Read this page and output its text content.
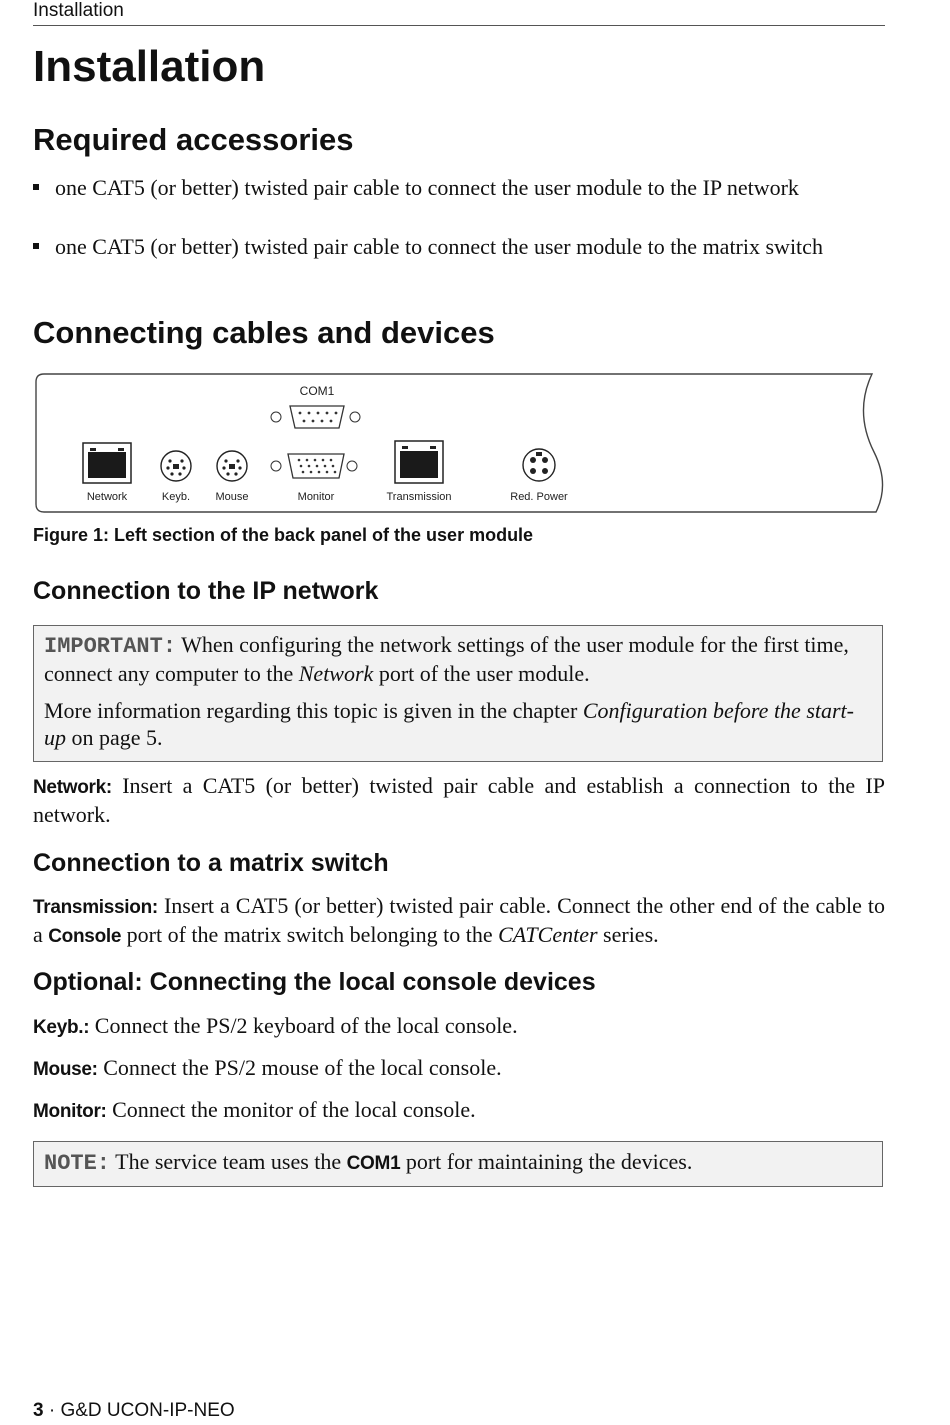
Installation
Installation
Required accessories
one CAT5 (or better) twisted pair cable to connect the user module to the IP network
one CAT5 (or better) twisted pair cable to connect the user module to the matrix switch
Connecting cables and devices
COM1
Network	Keyb. Mouse	Monitor	Transmission	Red. Power
Figure 1: Left section of the back panel of the user module
Connection to the IP network
IMPORTANT: When configuring the network settings of the user module for the first time, connect any computer to the Network port of the user module.
More information regarding this topic is given in the chapter Configuration before the start-up on page 5.
Network: Insert a CAT5 (or better) twisted pair cable and establish a connection to the IP network.
Connection to a matrix switch
Transmission: Insert a CAT5 (or better) twisted pair cable. Connect the other end of the cable to a Console port of the matrix switch belonging to the CATCenter series.
Optional: Connecting the local console devices
Keyb.: Connect the PS/2 keyboard of the local console.
Mouse: Connect the PS/2 mouse of the local console.
Monitor: Connect the monitor of the local console.
NOTE: The service team uses the COM1 port for maintaining the devices.
3 · G&D UCON-IP-NEO
